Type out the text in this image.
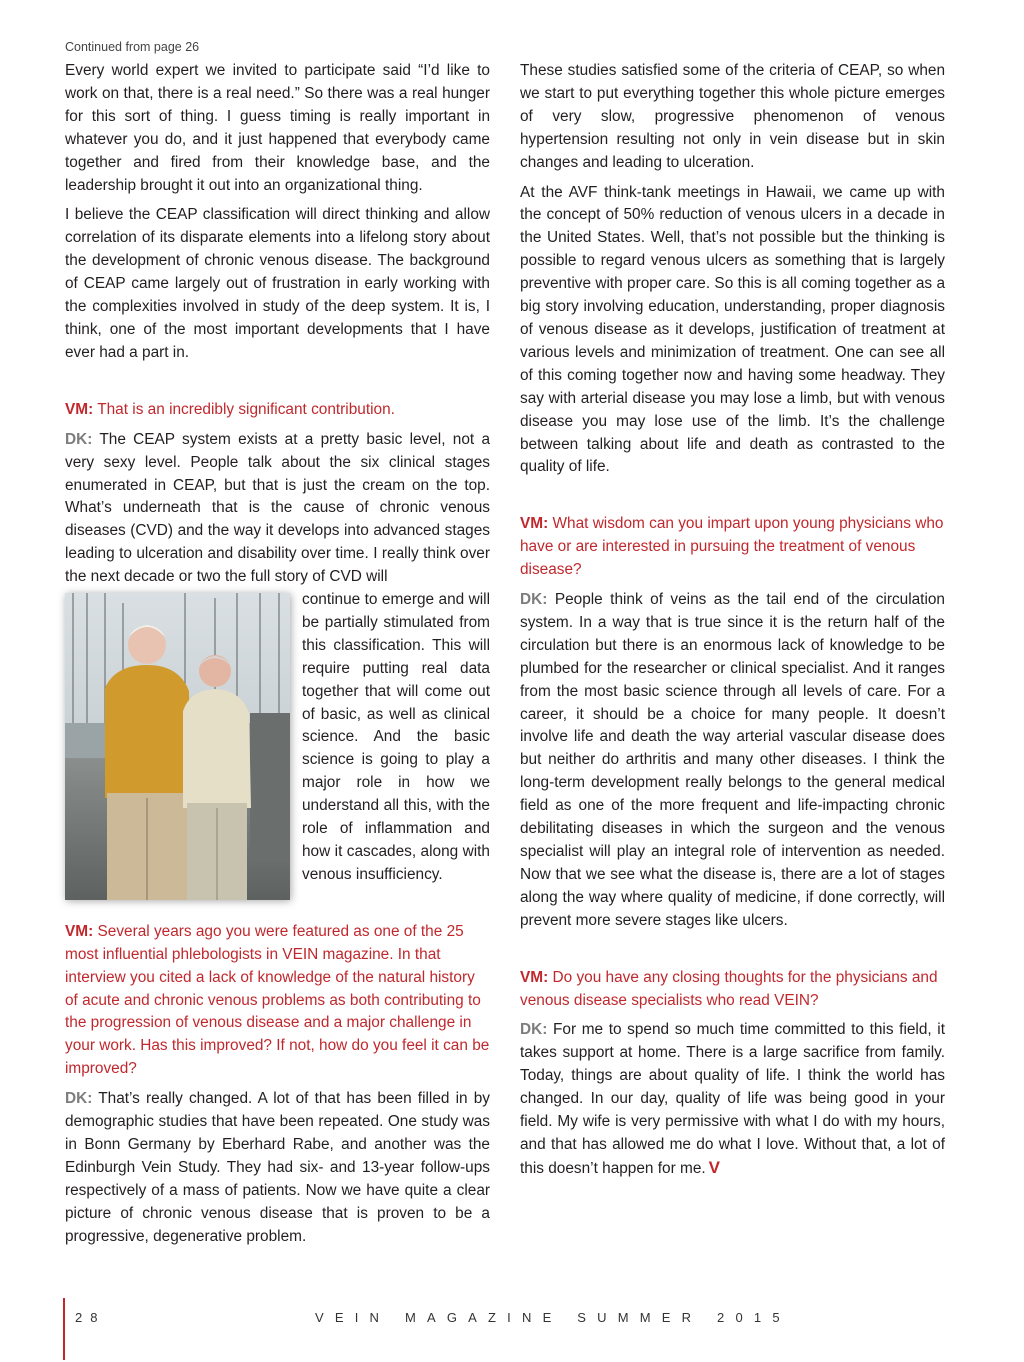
Continued from page 26

Every world expert we invited to participate said “I’d like to work on that, there is a real need.” So there was a real hunger for this sort of thing. I guess timing is really important in whatever you do, and it just happened that everybody came together and fired from their knowledge base, and the leadership brought it out into an organizational thing.

I believe the CEAP classification will direct thinking and allow correlation of its disparate elements into a lifelong story about the development of chronic venous disease. The background of CEAP came largely out of frustration in early working with the complexities involved in study of the deep system. It is, I think, one of the most important developments that I have ever had a part in.

VM: That is an incredibly significant contribution.

DK: The CEAP system exists at a pretty basic level, not a very sexy level. People talk about the six clinical stages enumerated in CEAP, but that is just the cream on the top. What’s underneath that is the cause of chronic venous diseases (CVD) and the way it develops into advanced stages leading to ulceration and disability over time. I really think over the next decade or two the full story of CVD will

continue to emerge and will be partially stimulated from this classification. This will require putting real data together that will come out of basic, as well as clinical science. And the basic science is going to play a major role in how we understand all this, with the role of inflammation and how it cascades, along with venous insufficiency.

VM: Several years ago you were featured as one of the 25 most influential phlebologists in VEIN magazine. In that interview you cited a lack of knowledge of the natural history of acute and chronic venous problems as both contributing to the progression of venous disease and a major challenge in your work. Has this improved? If not, how do you feel it can be improved?

DK: That’s really changed. A lot of that has been filled in by demographic studies that have been repeated. One study was in Bonn Germany by Eberhard Rabe, and another was the Edinburgh Vein Study. They had six- and 13-year follow-ups respectively of a mass of patients. Now we have quite a clear picture of chronic venous disease that is proven to be a progressive, degenerative problem.

These studies satisfied some of the criteria of CEAP, so when we start to put everything together this whole picture emerges of very slow, progressive phenomenon of venous hypertension resulting not only in vein disease but in skin changes and leading to ulceration.

At the AVF think-tank meetings in Hawaii, we came up with the concept of 50% reduction of venous ulcers in a decade in the United States. Well, that’s not possible but the thinking is possible to regard venous ulcers as something that is largely preventive with proper care. So this is all coming together as a big story involving education, understanding, proper diagnosis of venous disease as it develops, justification of treatment at various levels and minimization of treatment. One can see all of this coming together now and having some headway. They say with arterial disease you may lose a limb, but with venous disease you may lose use of the limb. It’s the challenge between talking about life and death as contrasted to the quality of life.

VM: What wisdom can you impart upon young physicians who have or are interested in pursuing the treatment of venous disease?

DK: People think of veins as the tail end of the circulation system. In a way that is true since it is the return half of the circulation but there is an enormous lack of knowledge to be plumbed for the researcher or clinical specialist. And it ranges from the most basic science through all levels of care. For a career, it should be a choice for many people. It doesn’t involve life and death the way arterial vascular disease does but neither do arthritis and many other diseases. I think the long-term development really belongs to the general medical field as one of the more frequent and life-impacting chronic debilitating diseases in which the surgeon and the venous specialist will play an integral role of intervention as needed. Now that we see what the disease is, there are a lot of stages along the way where quality of medicine, if done correctly, will prevent more severe stages like ulcers.

VM: Do you have any closing thoughts for the physicians and venous disease specialists who read VEIN?

DK: For me to spend so much time committed to this field, it takes support at home. There is a large sacrifice from family. Today, things are about quality of life. I think the world has changed. In our day, quality of life was being good in your field. My wife is very permissive with what I do with my hours, and that has allowed me do what I love. Without that, a lot of this doesn’t happen for me. V

28	VEIN MAGAZINE SUMMER 2015
